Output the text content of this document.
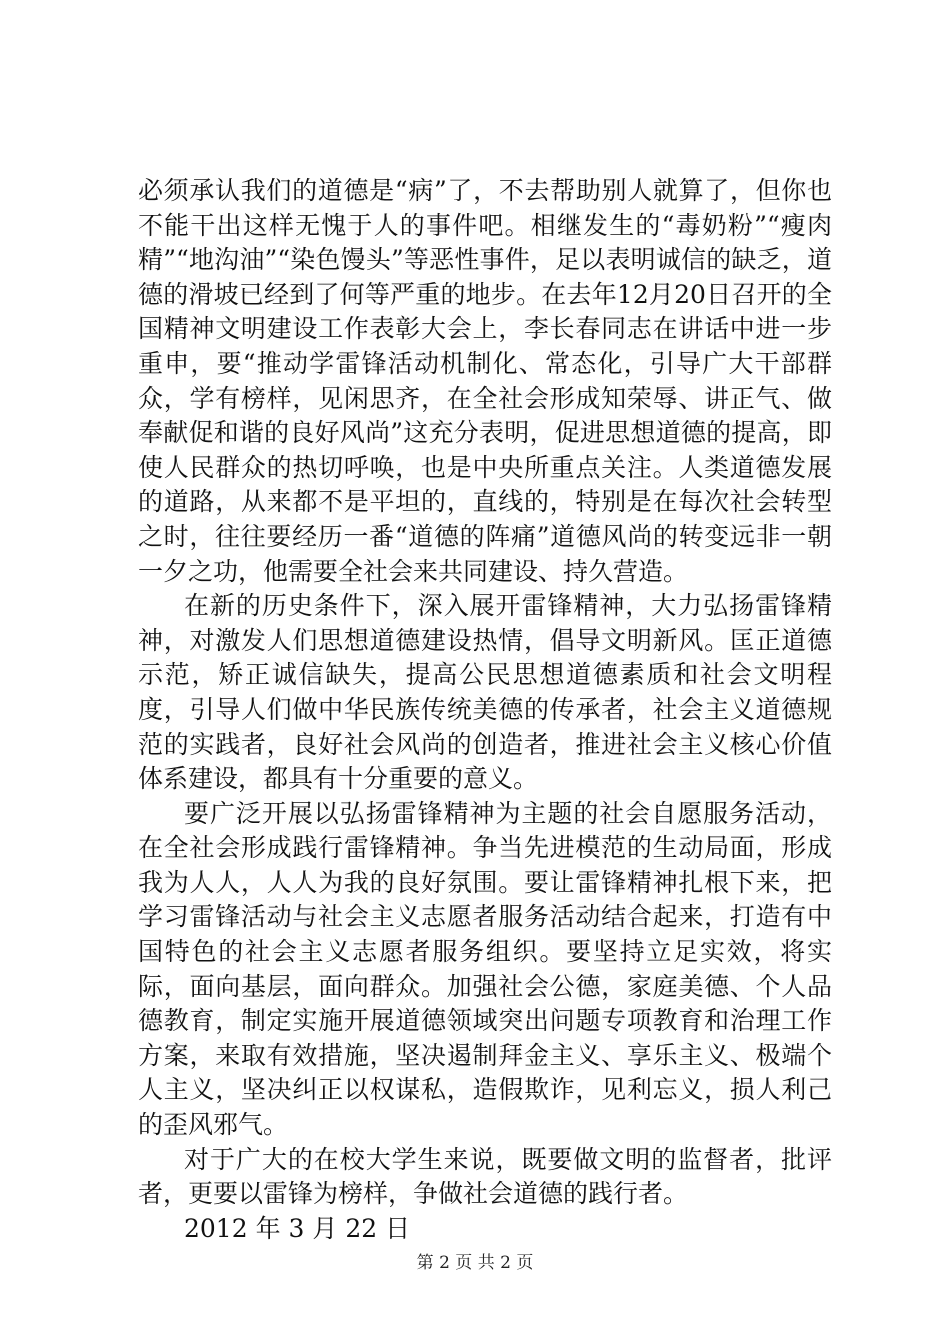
必须承认我们的道德是“病”了，不去帮助别人就算了，但你也不能干出这样无愧于人的事件吧。相继发生的“毒奶粉”“瘦肉精”“地沟油”“染色馒头”等恶性事件，足以表明诚信的缺乏，道德的滑坡已经到了何等严重的地步。在去年12月20日召开的全国精神文明建设工作表彰大会上，李长春同志在讲话中进一步重申，要“推动学雷锋活动机制化、常态化，引导广大干部群众，学有榜样，见闲思齐，在全社会形成知荣辱、讲正气、做奉献促和谐的良好风尚”这充分表明，促进思想道德的提高，即使人民群众的热切呼唤，也是中央所重点关注。人类道德发展的道路，从来都不是平坦的，直线的，特别是在每次社会转型之时，往往要经历一番“道德的阵痛”道德风尚的转变远非一朝一夕之功，他需要全社会来共同建设、持久营造。

在新的历史条件下，深入展开雷锋精神，大力弘扬雷锋精神，对激发人们思想道德建设热情，倡导文明新风。匡正道德示范，矫正诚信缺失，提高公民思想道德素质和社会文明程度，引导人们做中华民族传统美德的传承者，社会主义道德规范的实践者，良好社会风尚的创造者，推进社会主义核心价值体系建设，都具有十分重要的意义。

要广泛开展以弘扬雷锋精神为主题的社会自愿服务活动，在全社会形成践行雷锋精神。争当先进模范的生动局面，形成我为人人，人人为我的良好氛围。要让雷锋精神扎根下来，把学习雷锋活动与社会主义志愿者服务活动结合起来，打造有中国特色的社会主义志愿者服务组织。要坚持立足实效，将实际，面向基层，面向群众。加强社会公德，家庭美德、个人品德教育，制定实施开展道德领域突出问题专项教育和治理工作方案，来取有效措施，坚决遏制拜金主义、享乐主义、极端个人主义，坚决纠正以权谋私，造假欺诈，见利忘义，损人利己的歪风邪气。

对于广大的在校大学生来说，既要做文明的监督者，批评者，更要以雷锋为榜样，争做社会道德的践行者。

2012 年 3 月 22 日

第 2 页 共 2 页
